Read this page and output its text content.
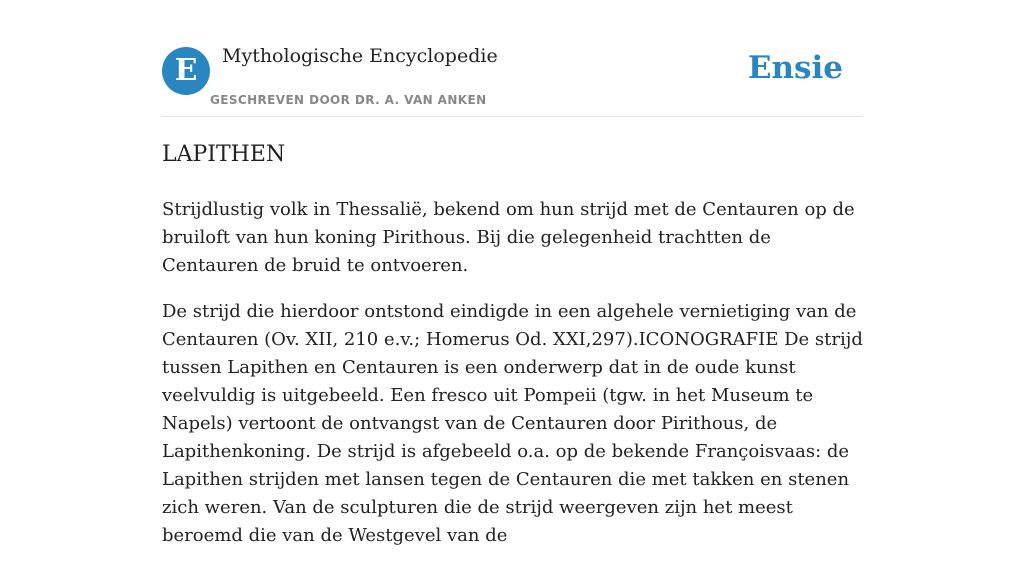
E	Mythologische Encyclopedie
GESCHREVEN DOOR DR. A. VAN ANKEN
Ensie
LAPITHEN

Strijdlustig volk in Thessalië, bekend om hun strijd met de Centauren op de bruiloft van hun koning Pirithous. Bij die gelegenheid trachtten de Centauren de bruid te ontvoeren.

De strijd die hierdoor ontstond eindigde in een algehele vernietiging van de Centauren (Ov. XII, 210 e.v.; Homerus Od. XXI,297).ICONOGRAFIE De strijd tussen Lapithen en Centauren is een onderwerp dat in de oude kunst veelvuldig is uitgebeeld. Een fresco uit Pompeii (tgw. in het Museum te Napels) vertoont de ontvangst van de Centauren door Pirithous, de Lapithenkoning. De strijd is afgebeeld o.a. op de bekende Françoisvaas: de Lapithen strijden met lansen tegen de Centauren die met takken en stenen zich weren. Van de sculpturen die de strijd weergeven zijn het meest beroemd die van de Westgevel van de
